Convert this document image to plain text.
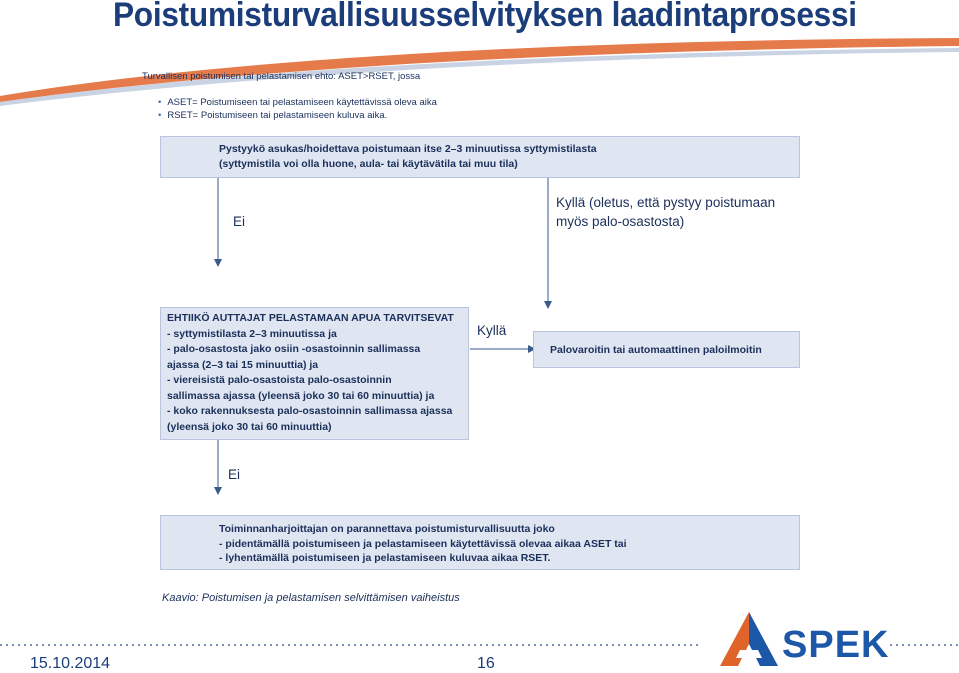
Poistumisturvallisuusselvityksen laadintaprosessi
Turvallisen poistumisen tai pelastamisen ehto: ASET>RSET, jossa
• ASET= Poistumiseen tai pelastamiseen käytettävissä oleva aika
• RSET= Poistumiseen tai pelastamiseen kuluva aika.
Pystyykö asukas/hoidettava poistumaan itse 2–3 minuutissa syttymistilasta
(syttymistila voi olla huone, aula- tai käytävätila tai muu tila)
Ei
Kyllä (oletus, että pystyy poistumaan
myös palo-osastosta)
EHTIIKÖ AUTTAJAT PELASTAMAAN APUA TARVITSEVAT
- syttymistilasta 2–3 minuutissa ja
- palo-osastosta jako osiin -osastoinnin sallimassa
ajassa (2–3 tai 15 minuuttia) ja
- viereisistä palo-osastoista palo-osastoinnin
sallimassa ajassa (yleensä joko 30 tai 60 minuuttia) ja
- koko rakennuksesta palo-osastoinnin sallimassa ajassa
(yleensä joko 30 tai 60 minuuttia)
Kyllä
Palovaroitin tai automaattinen paloilmoitin
Ei
Toiminnanharjoittajan on parannettava poistumisturvallisuutta joko
- pidentämällä poistumiseen ja pelastamiseen käytettävissä olevaa aikaa ASET tai
- lyhentämällä poistumiseen ja pelastamiseen kuluvaa aikaa RSET.
Kaavio: Poistumisen ja pelastamisen selvittämisen vaiheistus
15.10.2014	16	SPEK
